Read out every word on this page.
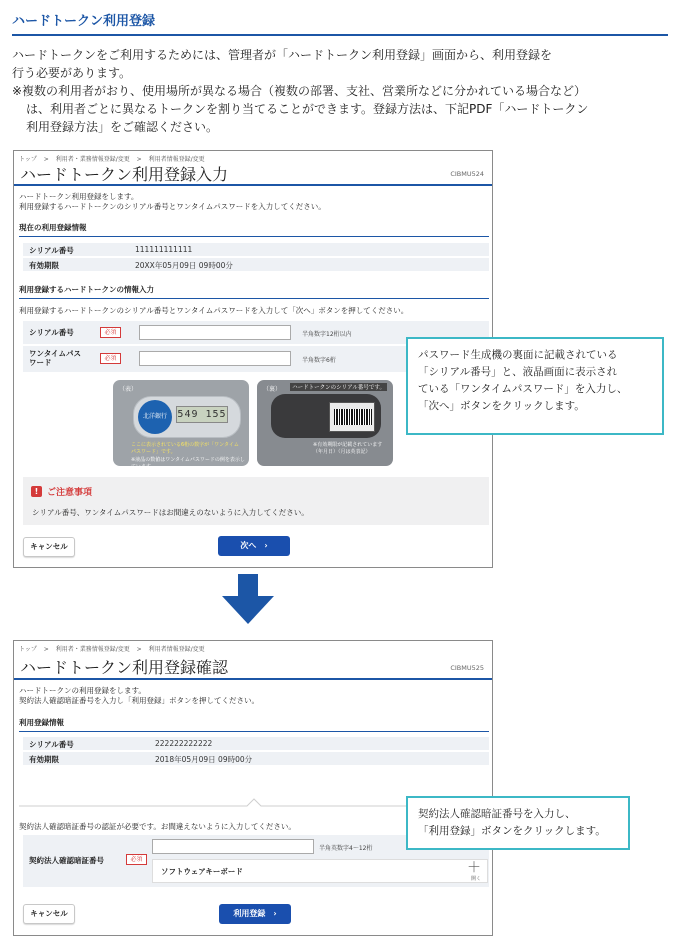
ハードトークン利用登録

ハードトークンをご利用するためには、管理者が「ハードトークン利用登録」画面から、利用登録を

行う必要があります。

※複数の利用者がおり、使用場所が異なる場合（複数の部署、支社、営業所などに分かれている場合など）
は、利用者ごとに異なるトークンを割り当てることができます。登録方法は、下記PDF「ハードトークン
利用登録方法」をご確認ください。

トップ > 利用者・業務情報登録/変更 > 利用者情報登録/変更
ハードトークン利用登録入力	CIBMU524
ハードトークン利用登録をします。
利用登録するハードトークンのシリアル番号とワンタイムパスワードを入力してください。
現在の利用登録情報
シリアル番号	111111111111
有効期限	20XX年05月09日 09時00分
利用登録するハードトークンの情報入力
利用登録するハードトークンのシリアル番号とワンタイムパスワードを入力して「次へ」ボタンを押してください。
シリアル番号	必須	半角数字12桁以内
ワンタイムパス
ワード	必須	半角数字6桁
（表）
北洋銀行	549 155
ここに表示されている6桁の数字が「ワンタイム
パスワード」です。
※液晶の数値はワンタイムパスワードの例を表示しています。
（裏）	ハードトークンのシリアル番号です。
※有効期限が記載されています
（年月日）（月は英表記）
! ご注意事項
シリアル番号、ワンタイムパスワードはお間違えのないように入力してください。
キャンセル	次へ ›
パスワード生成機の裏面に記載されている
「シリアル番号」と、液晶画面に表示され
ている「ワンタイムパスワード」を入力し、
「次へ」ボタンをクリックします。
トップ > 利用者・業務情報登録/変更 > 利用者情報登録/変更
ハードトークン利用登録確認	CIBMU525
ハードトークンの利用登録をします。
契約法人確認暗証番号を入力し「利用登録」ボタンを押してください。
利用登録情報
シリアル番号	222222222222
有効期限	2018年05月09日 09時00分
契約法人確認暗証番号の認証が必要です。お間違えないように入力してください。
契約法人確認暗証番号	必須
半角英数字4〜12桁
ソフトウェアキーボード	＋
開く
キャンセル	利用登録 ›
契約法人確認暗証番号を入力し、
「利用登録」ボタンをクリックします。
